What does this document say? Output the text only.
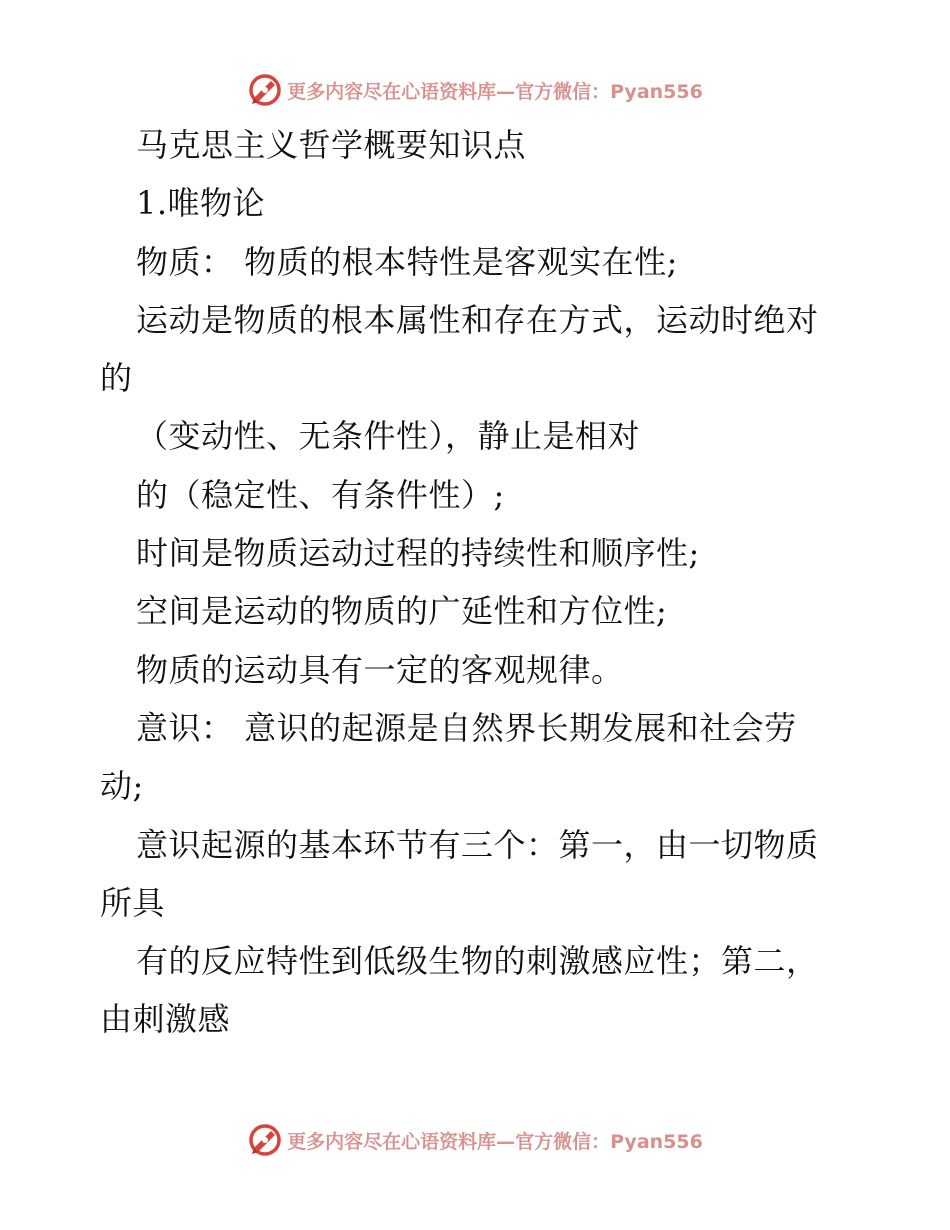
更多内容尽在心语资料库—官方微信：Pyan556
马克思主义哲学概要知识点
1.唯物论
物质： 物质的根本特性是客观实在性;
运动是物质的根本属性和存在方式，运动时绝对
的
（变动性、无条件性），静止是相对
的（稳定性、有条件性）;
时间是物质运动过程的持续性和顺序性;
空间是运动的物质的广延性和方位性;
物质的运动具有一定的客观规律。
意识： 意识的起源是自然界长期发展和社会劳
动;
意识起源的基本环节有三个：第一，由一切物质
所具
有的反应特性到低级生物的刺激感应性；第二，
由刺激感
更多内容尽在心语资料库—官方微信：Pyan556
